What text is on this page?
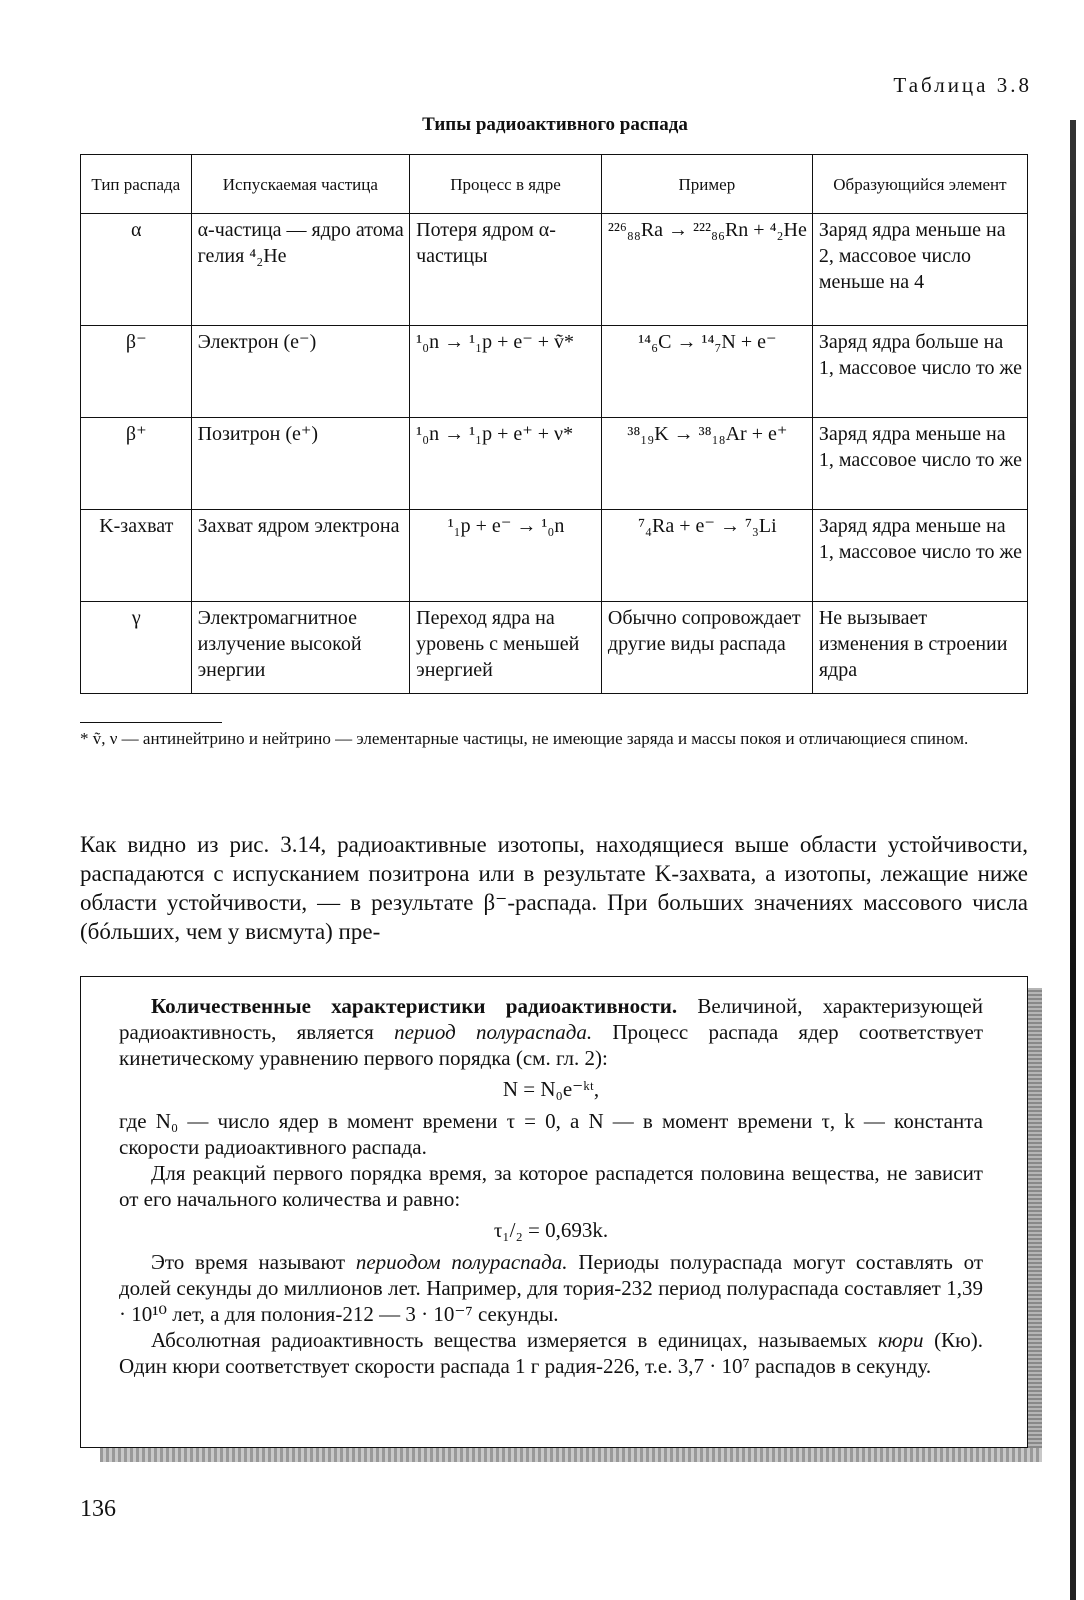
Таблица 3.8
Типы радиоактивного распада
Тип распада	Испускаемая частица	Процесс в ядре	Пример	Образующийся элемент
α	α-частица — ядро атома гелия ⁴₂He	Потеря ядром α-частицы	²²⁶₈₈Ra → ²²²₈₆Rn + ⁴₂He	Заряд ядра меньше на 2, массовое число меньше на 4
β⁻	Электрон (e⁻)	¹₀n → ¹₁p + e⁻ + ṽ*	¹⁴₆C → ¹⁴₇N + e⁻	Заряд ядра больше на 1, массовое число то же
β⁺	Позитрон (e⁺)	¹₀n → ¹₁p + e⁺ + ν*	³⁸₁₉K → ³⁸₁₈Ar + e⁺	Заряд ядра меньше на 1, массовое число то же
K-захват	Захват ядром электрона	¹₁p + e⁻ → ¹₀n	⁷₄Ra + e⁻ → ⁷₃Li	Заряд ядра меньше на 1, массовое число то же
γ	Электромагнитное излучение высокой энергии	Переход ядра на уровень с меньшей энергией	Обычно сопровождает другие виды распада	Не вызывает изменения в строении ядра
* ṽ, ν — антинейтрино и нейтрино — элементарные частицы, не имеющие заряда и массы покоя и отличающиеся спином.
Как видно из рис. 3.14, радиоактивные изотопы, находящиеся выше области устойчивости, распадаются с испусканием позитрона или в результате K-захвата, а изотопы, лежащие ниже области устойчивости, — в результате β⁻-распада. При больших значениях массового числа (бóльших, чем у висмута) пре-

Количественные характеристики радиоактивности. Величиной, характеризующей радиоактивность, является период полураспада. Процесс распада ядер соответствует кинетическому уравнению первого порядка (см. гл. 2):

N = N₀e⁻ᵏᵗ,

где N₀ — число ядер в момент времени τ = 0, а N — в момент времени τ, k — константа скорости радиоактивного распада.

Для реакций первого порядка время, за которое распадется половина вещества, не зависит от его начального количества и равно:

τ₁/₂ = 0,693k.

Это время называют периодом полураспада. Периоды полураспада могут составлять от долей секунды до миллионов лет. Например, для тория-232 период полураспада составляет 1,39 · 10¹⁰ лет, а для полония-212 — 3 · 10⁻⁷ секунды.

Абсолютная радиоактивность вещества измеряется в единицах, называемых кюри (Кю). Один кюри соответствует скорости распада 1 г радия-226, т.е. 3,7 · 10⁷ распадов в секунду.

136
